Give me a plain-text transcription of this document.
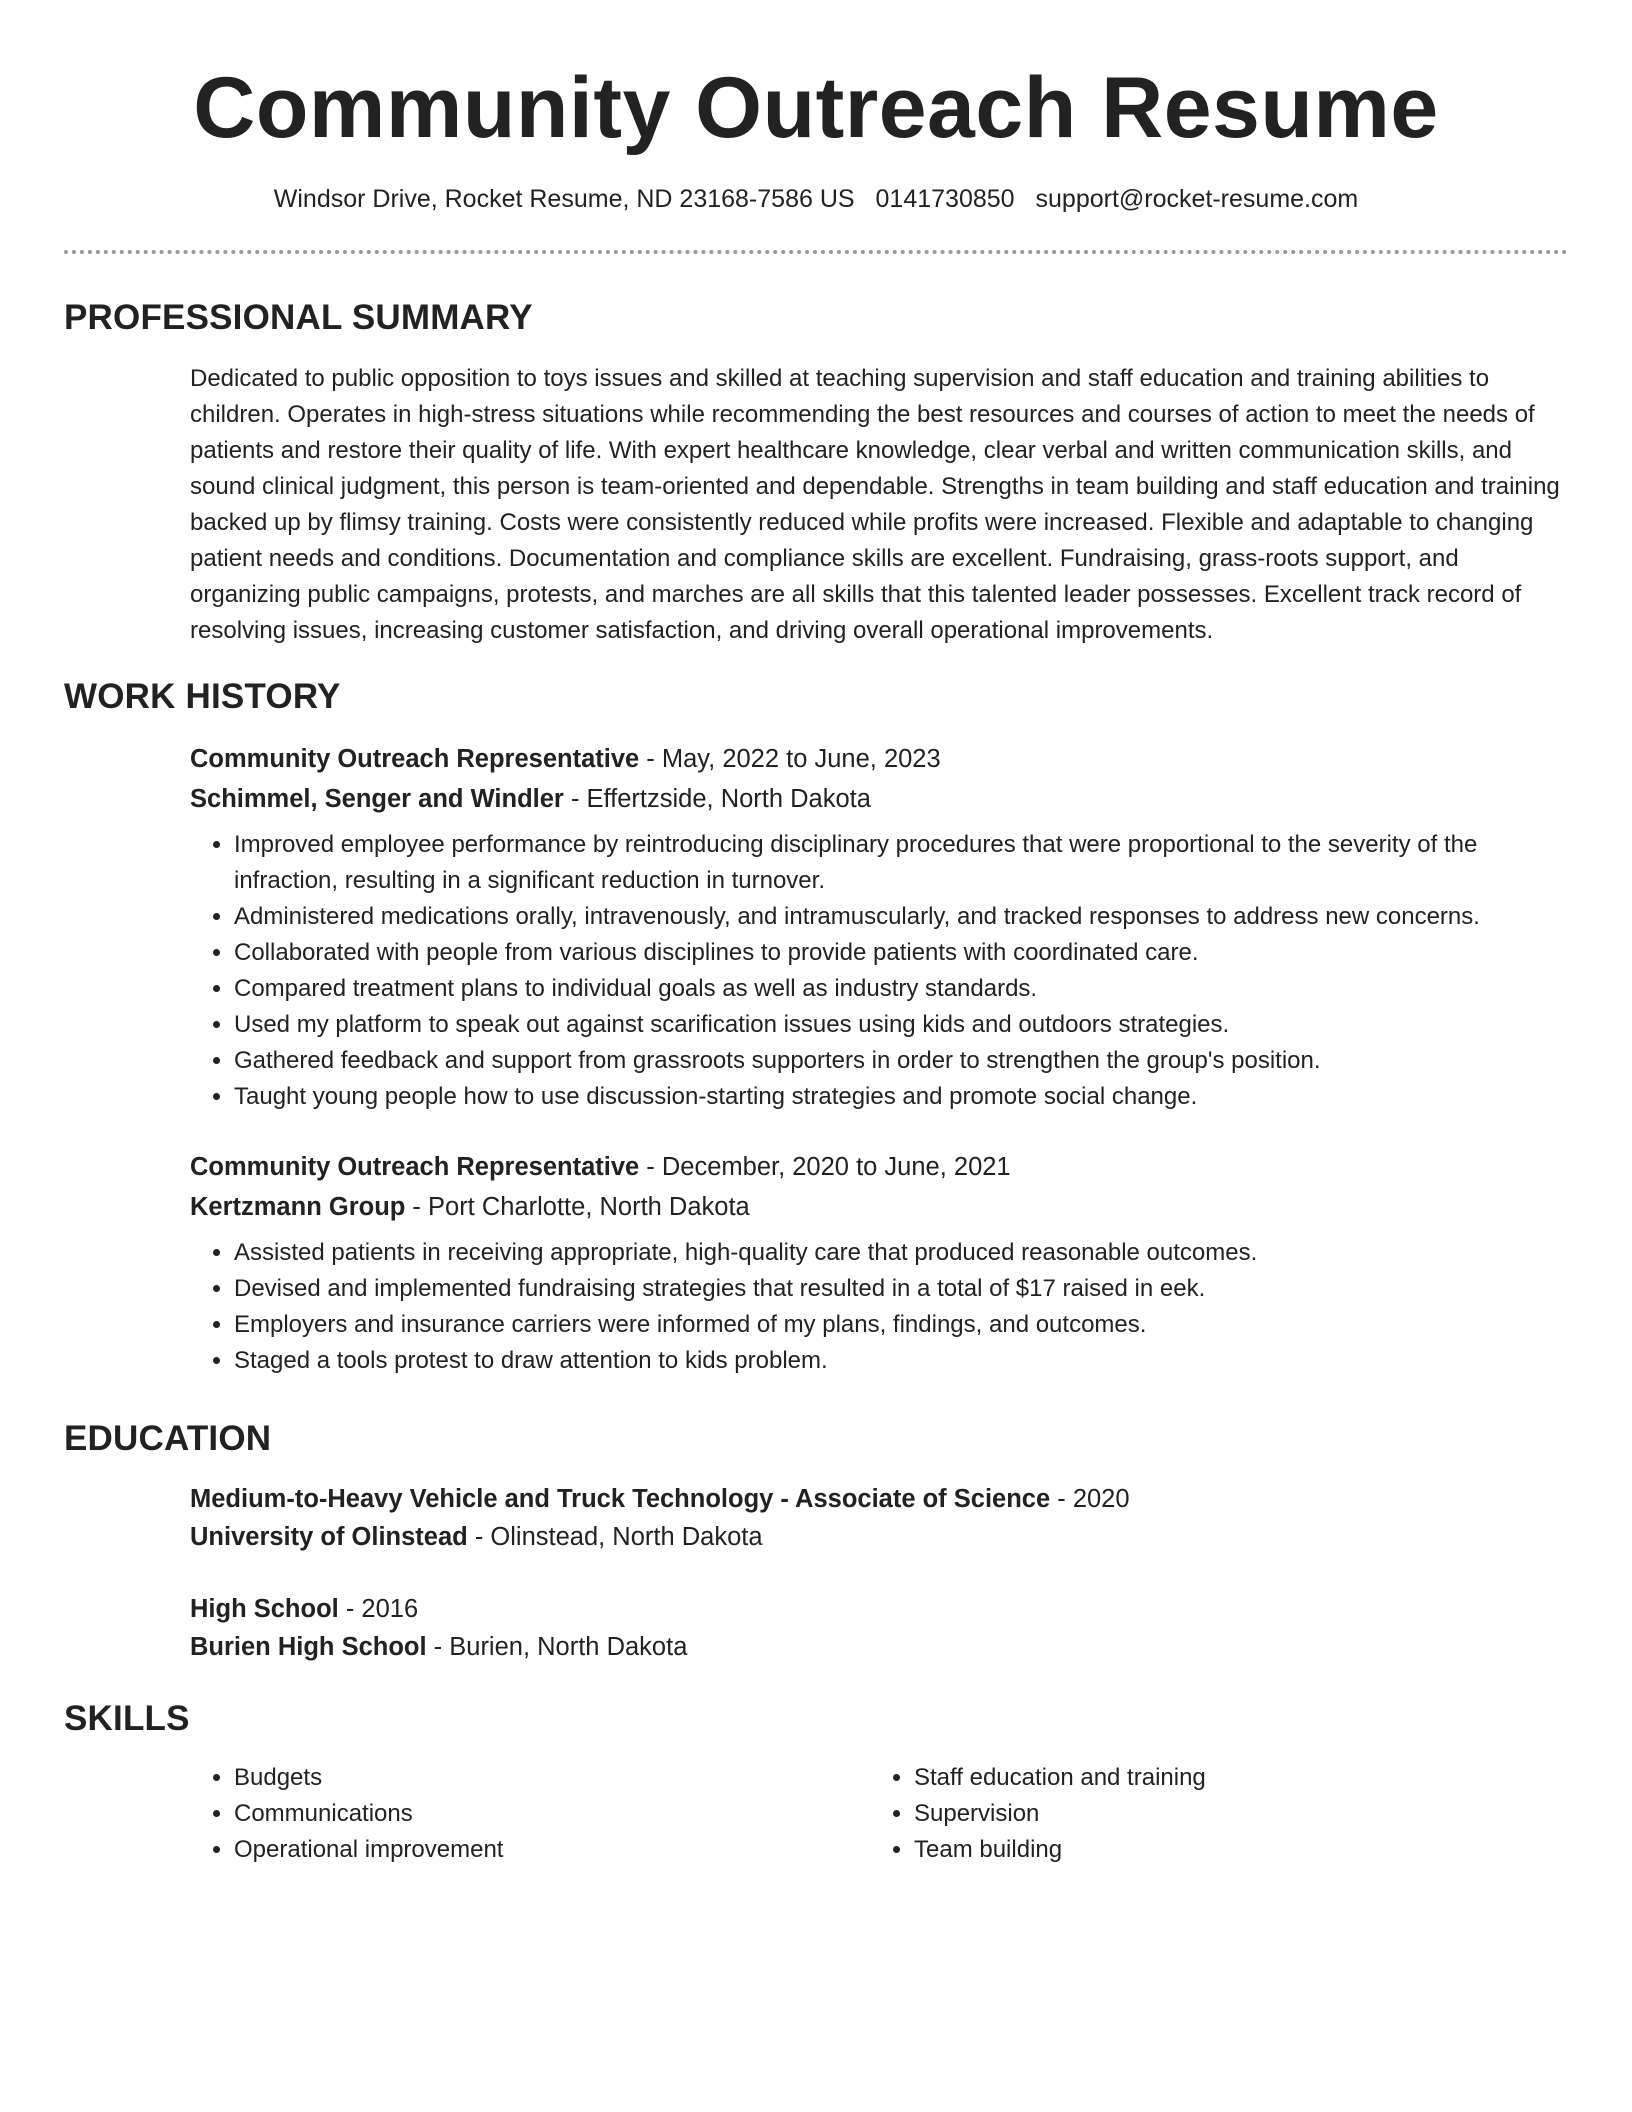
Community Outreach Resume
Windsor Drive, Rocket Resume, ND 23168-7586 US 0141730850 support@rocket-resume.com
PROFESSIONAL SUMMARY

Dedicated to public opposition to toys issues and skilled at teaching supervision and staff education and training abilities to children. Operates in high-stress situations while recommending the best resources and courses of action to meet the needs of patients and restore their quality of life. With expert healthcare knowledge, clear verbal and written communication skills, and sound clinical judgment, this person is team-oriented and dependable. Strengths in team building and staff education and training backed up by flimsy training. Costs were consistently reduced while profits were increased. Flexible and adaptable to changing patient needs and conditions. Documentation and compliance skills are excellent. Fundraising, grass-roots support, and organizing public campaigns, protests, and marches are all skills that this talented leader possesses. Excellent track record of resolving issues, increasing customer satisfaction, and driving overall operational improvements.

WORK HISTORY

Community Outreach Representative - May, 2022 to June, 2023

Schimmel, Senger and Windler - Effertzside, North Dakota

• Improved employee performance by reintroducing disciplinary procedures that were proportional to the severity of the infraction, resulting in a significant reduction in turnover.
• Administered medications orally, intravenously, and intramuscularly, and tracked responses to address new concerns.
• Collaborated with people from various disciplines to provide patients with coordinated care.
• Compared treatment plans to individual goals as well as industry standards.
• Used my platform to speak out against scarification issues using kids and outdoors strategies.
• Gathered feedback and support from grassroots supporters in order to strengthen the group's position.
• Taught young people how to use discussion-starting strategies and promote social change.

Community Outreach Representative - December, 2020 to June, 2021

Kertzmann Group - Port Charlotte, North Dakota

• Assisted patients in receiving appropriate, high-quality care that produced reasonable outcomes.
• Devised and implemented fundraising strategies that resulted in a total of $17 raised in eek.
• Employers and insurance carriers were informed of my plans, findings, and outcomes.
• Staged a tools protest to draw attention to kids problem.
EDUCATION

Medium-to-Heavy Vehicle and Truck Technology - Associate of Science - 2020

University of Olinstead - Olinstead, North Dakota

High School - 2016

Burien High School - Burien, North Dakota

SKILLS
• Budgets
• Communications
• Operational improvement
• Staff education and training
• Supervision
• Team building
